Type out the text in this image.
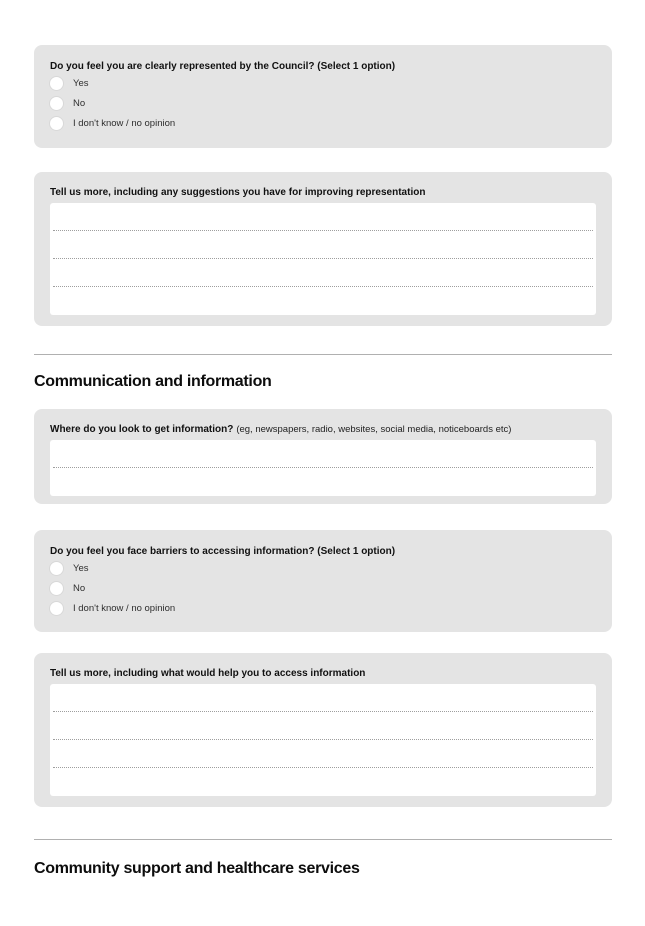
Do you feel you are clearly represented by the Council? (Select 1 option)
Yes
No
I don't know / no opinion
Tell us more, including any suggestions you have for improving representation
Communication and information
Where do you look to get information? (eg, newspapers, radio, websites, social media, noticeboards etc)
Do you feel you face barriers to accessing information? (Select 1 option)
Yes
No
I don't know / no opinion
Tell us more, including what would help you to access information
Community support and healthcare services
